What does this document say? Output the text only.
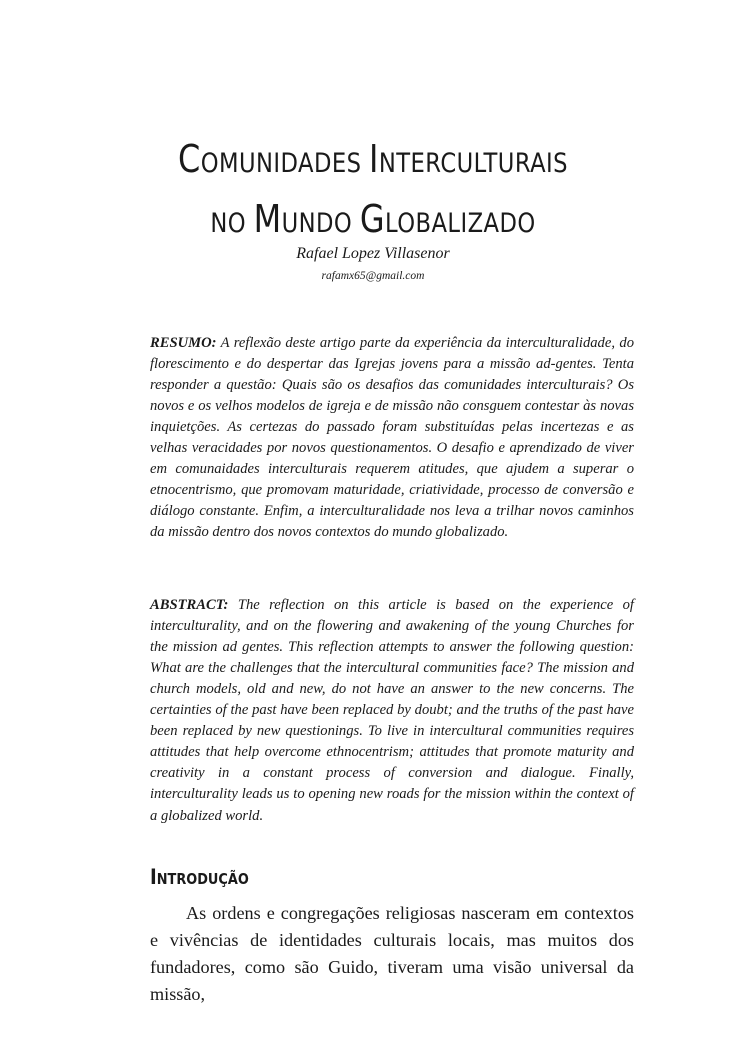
COMUNIDADES INTERCULTURAIS
NO MUNDO GLOBALIZADO
Rafael Lopez Villasenor
rafamx65@gmail.com

RESUMO: A reflexão deste artigo parte da experiência da interculturalidade, do florescimento e do despertar das Igrejas jovens para a missão ad-gentes. Tenta responder a questão: Quais são os desafios das comunidades interculturais? Os novos e os velhos modelos de igreja e de missão não consguem contestar às novas inquietções. As certezas do passado foram substituídas pelas incertezas e as velhas veracidades por novos questionamentos. O desafio e aprendizado de viver em comunaidades interculturais requerem atitudes, que ajudem a superar o etnocentrismo, que promovam maturidade, criatividade, processo de conversão e diálogo constante. Enfim, a interculturalidade nos leva a trilhar novos caminhos da missão dentro dos novos contextos do mundo globalizado.

ABSTRACT: The reflection on this article is based on the experience of interculturality, and on the flowering and awakening of the young Churches for the mission ad gentes. This reflection attempts to answer the following question: What are the challenges that the intercultural communities face? The mission and church models, old and new, do not have an answer to the new concerns. The certainties of the past have been replaced by doubt; and the truths of the past have been replaced by new questionings. To live in intercultural communities requires attitudes that help overcome ethnocentrism; attitudes that promote maturity and creativity in a constant process of conversion and dialogue. Finally, interculturality leads us to opening new roads for the mission within the context of a globalized world.

INTRODUÇÃO

As ordens e congregações religiosas nasceram em contextos e vivências de identidades culturais locais, mas muitos dos fundadores, como são Guido, tiveram uma visão universal da missão,
